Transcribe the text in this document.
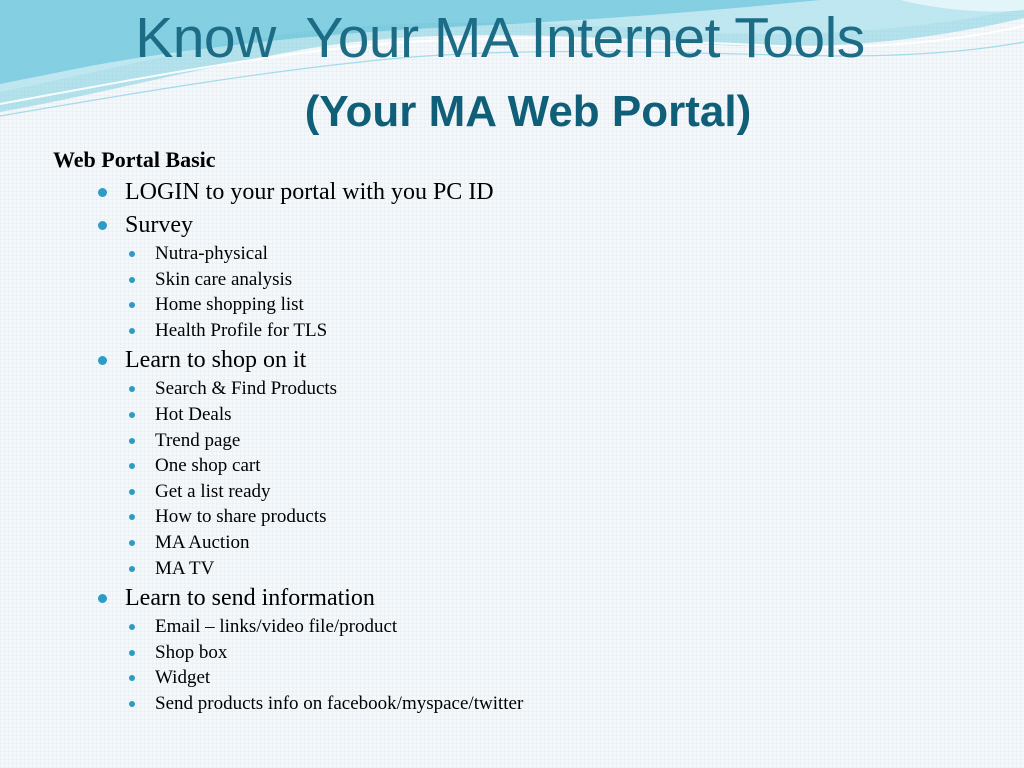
Know  Your MA Internet Tools
(Your MA Web Portal)
Web Portal Basic
LOGIN to your portal with you PC ID
Survey
Nutra-physical
Skin care analysis
Home shopping list
Health Profile for TLS
Learn to shop on it
Search & Find Products
Hot Deals
Trend page
One shop cart
Get a list ready
How to share products
MA Auction
MA TV
Learn to send information
Email – links/video file/product
Shop box
Widget
Send products info on facebook/myspace/twitter
